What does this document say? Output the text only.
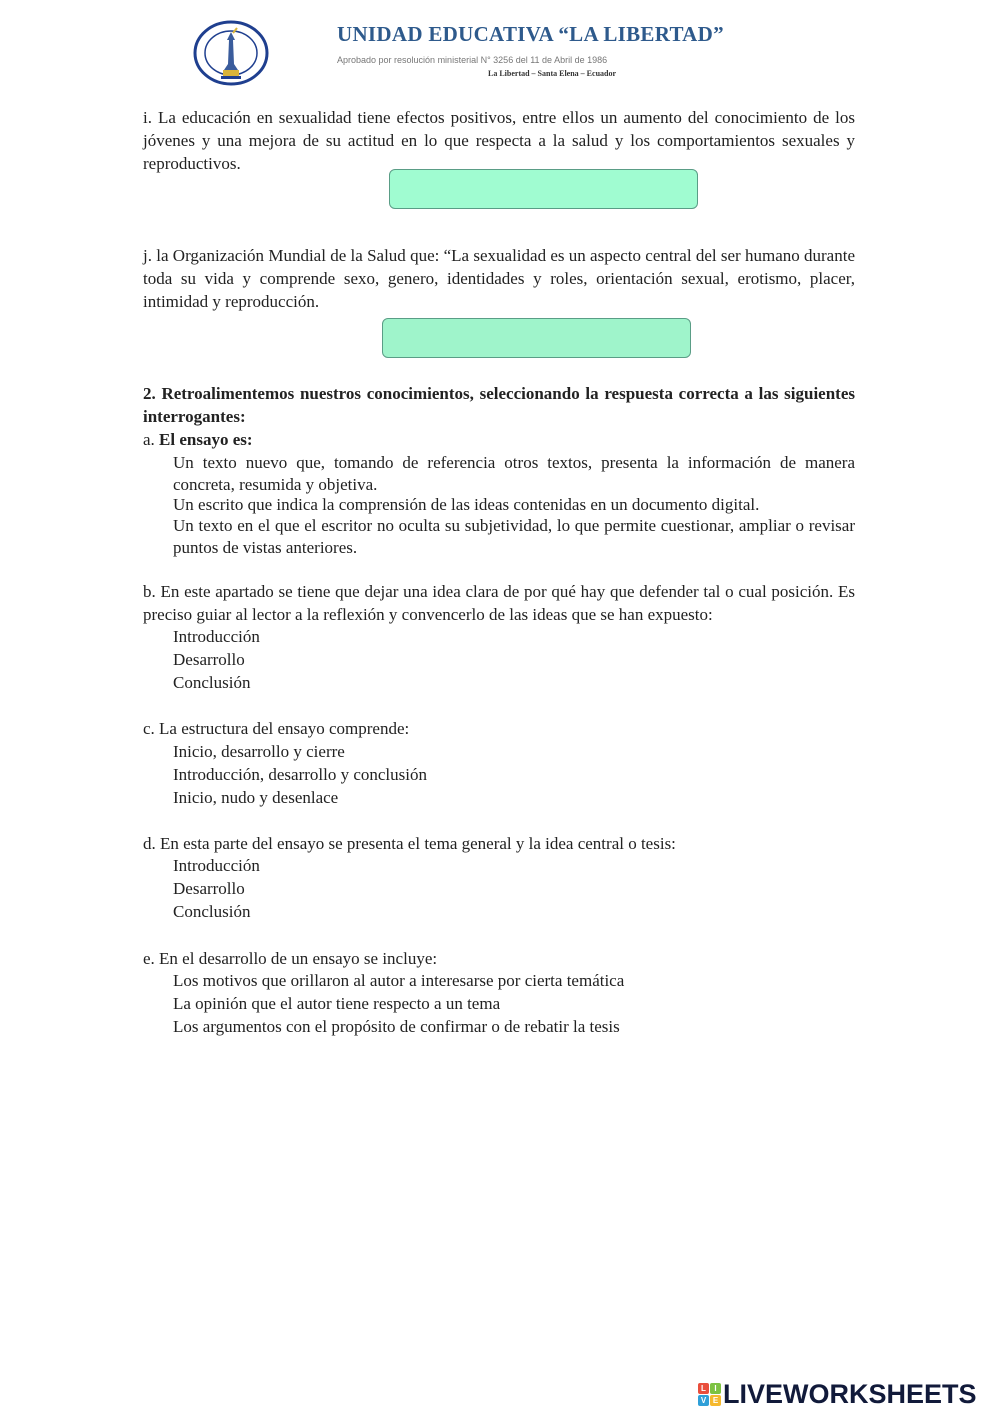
UNIDAD EDUCATIVA “LA LIBERTAD”
Aprobado por resolución ministerial N° 3256 del 11 de Abril de 1986
La Libertad – Santa Elena – Ecuador

i. La educación en sexualidad tiene efectos positivos, entre ellos un aumento del conocimiento de los jóvenes y una mejora de su actitud en lo que respecta a la salud y los comportamientos sexuales y reproductivos.

j. la Organización Mundial de la Salud que: “La sexualidad es un aspecto central del ser humano durante toda su vida y comprende sexo, genero, identidades y roles, orientación sexual, erotismo, placer, intimidad y reproducción.

2. Retroalimentemos nuestros conocimientos, seleccionando la respuesta correcta a las siguientes interrogantes:

a. El ensayo es:

Un texto nuevo que, tomando de referencia otros textos, presenta la información de manera concreta, resumida y objetiva.

Un escrito que indica la comprensión de las ideas contenidas en un documento digital.

Un texto en el que el escritor no oculta su subjetividad, lo que permite cuestionar, ampliar o revisar puntos de vistas anteriores.

b. En este apartado se tiene que dejar una idea clara de por qué hay que defender tal o cual posición. Es preciso guiar al lector a la reflexión y convencerlo de las ideas que se han expuesto:

Introducción

Desarrollo

Conclusión

c. La estructura del ensayo comprende:

Inicio, desarrollo y cierre

Introducción, desarrollo y conclusión

Inicio, nudo y desenlace

d. En esta parte del ensayo se presenta el tema general y la idea central o tesis:

Introducción

Desarrollo

Conclusión

e. En el desarrollo de un ensayo se incluye:

Los motivos que orillaron al autor a interesarse por cierta temática

La opinión que el autor tiene respecto a un tema

Los argumentos con el propósito de confirmar o de rebatir la tesis

L	I
V E LIVEWORKSHEETS
